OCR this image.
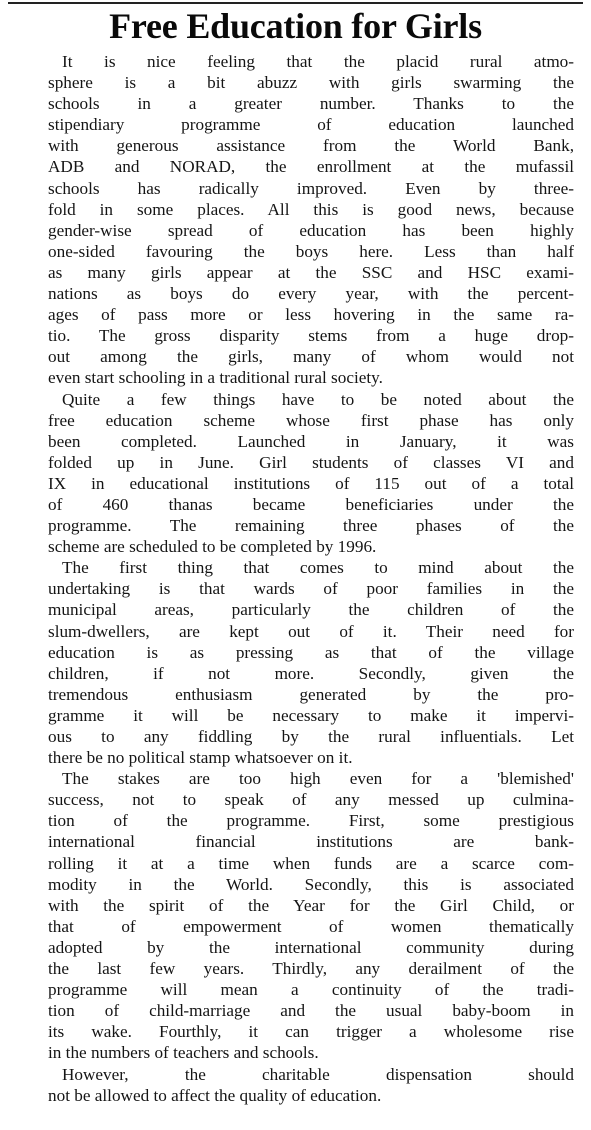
Free Education for Girls
It is nice feeling that the placid rural atmo-
sphere is a bit abuzz with girls swarming the
schools in a greater number. Thanks to the
stipendiary programme of education launched
with generous assistance from the World Bank,
ADB and NORAD, the enrollment at the mufassil
schools has radically improved. Even by three-
fold in some places. All this is good news, because
gender-wise spread of education has been highly
one-sided favouring the boys here. Less than half
as many girls appear at the SSC and HSC exami-
nations as boys do every year, with the percent-
ages of pass more or less hovering in the same ra-
tio. The gross disparity stems from a huge drop-
out among the girls, many of whom would not
even start schooling in a traditional rural society.
Quite a few things have to be noted about the
free education scheme whose first phase has only
been completed. Launched in January, it was
folded up in June. Girl students of classes VI and
IX in educational institutions of 115 out of a total
of 460 thanas became beneficiaries under the
programme. The remaining three phases of the
scheme are scheduled to be completed by 1996.
The first thing that comes to mind about the
undertaking is that wards of poor families in the
municipal areas, particularly the children of the
slum-dwellers, are kept out of it. Their need for
education is as pressing as that of the village
children, if not more. Secondly, given the
tremendous enthusiasm generated by the pro-
gramme it will be necessary to make it impervi-
ous to any fiddling by the rural influentials. Let
there be no political stamp whatsoever on it.
The stakes are too high even for a 'blemished'
success, not to speak of any messed up culmina-
tion of the programme. First, some prestigious
international financial institutions are bank-
rolling it at a time when funds are a scarce com-
modity in the World. Secondly, this is associated
with the spirit of the Year for the Girl Child, or
that of empowerment of women thematically
adopted by the international community during
the last few years. Thirdly, any derailment of the
programme will mean a continuity of the tradi-
tion of child-marriage and the usual baby-boom in
its wake. Fourthly, it can trigger a wholesome rise
in the numbers of teachers and schools.
However, the charitable dispensation should
not be allowed to affect the quality of education.
